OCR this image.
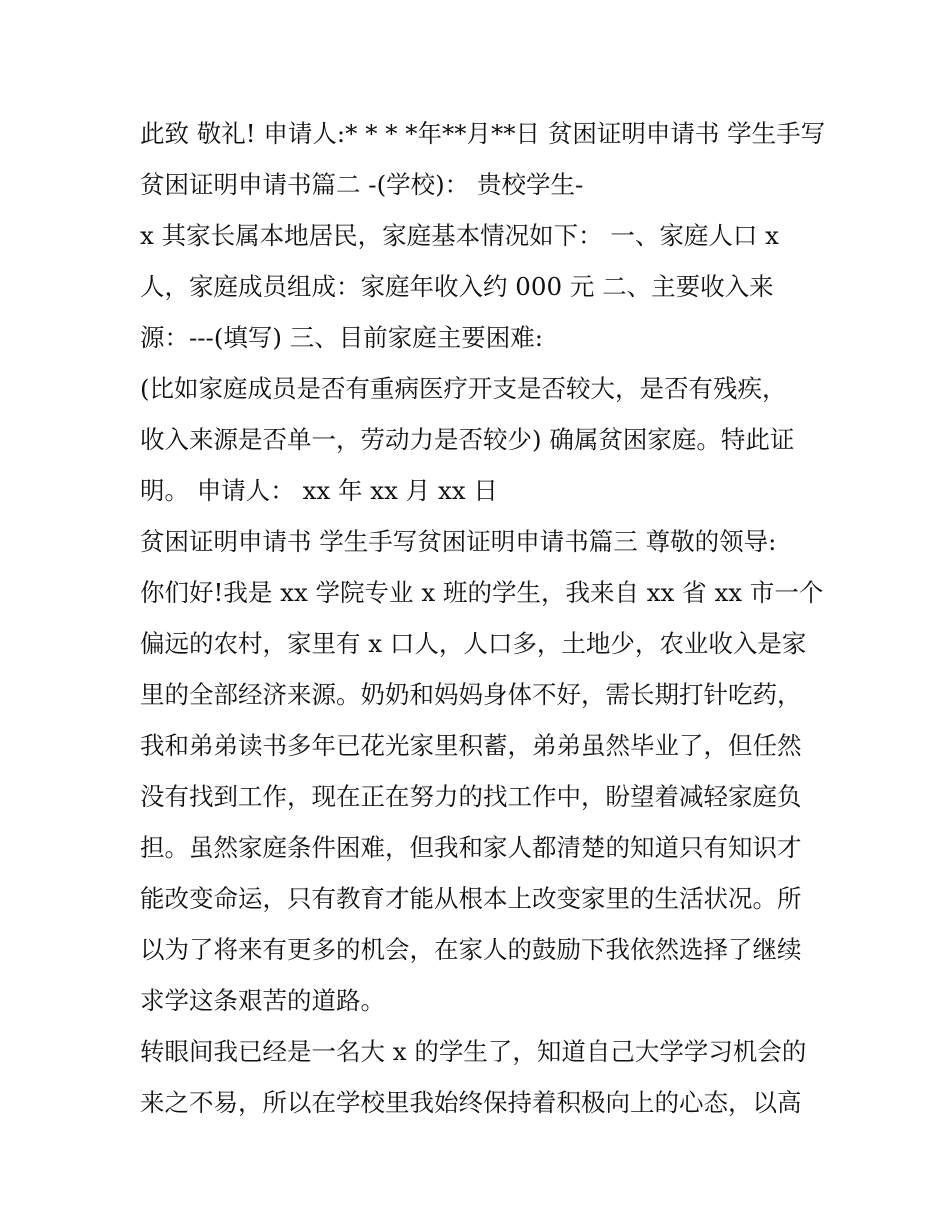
此致 敬礼! 申请人:* * * *年**月**日 贫困证明申请书 学生手写
贫困证明申请书篇二 -(学校)： 贵校学生-
x 其家长属本地居民，家庭基本情况如下： 一、家庭人口 x
人，家庭成员组成：家庭年收入约 000 元 二、主要收入来
源：---(填写) 三、目前家庭主要困难:
(比如家庭成员是否有重病医疗开支是否较大，是否有残疾，
收入来源是否单一，劳动力是否较少) 确属贫困家庭。特此证
明。 申请人： xx 年 xx 月 xx 日
贫困证明申请书 学生手写贫困证明申请书篇三 尊敬的领导:
你们好!我是 xx 学院专业 x 班的学生，我来自 xx 省 xx 市一个
偏远的农村，家里有 x 口人，人口多，土地少，农业收入是家
里的全部经济来源。奶奶和妈妈身体不好，需长期打针吃药，
我和弟弟读书多年已花光家里积蓄，弟弟虽然毕业了，但任然
没有找到工作，现在正在努力的找工作中，盼望着减轻家庭负
担。虽然家庭条件困难，但我和家人都清楚的知道只有知识才
能改变命运，只有教育才能从根本上改变家里的生活状况。所
以为了将来有更多的机会，在家人的鼓励下我依然选择了继续
求学这条艰苦的道路。
转眼间我已经是一名大 x 的学生了，知道自己大学学习机会的
来之不易，所以在学校里我始终保持着积极向上的心态，以高
